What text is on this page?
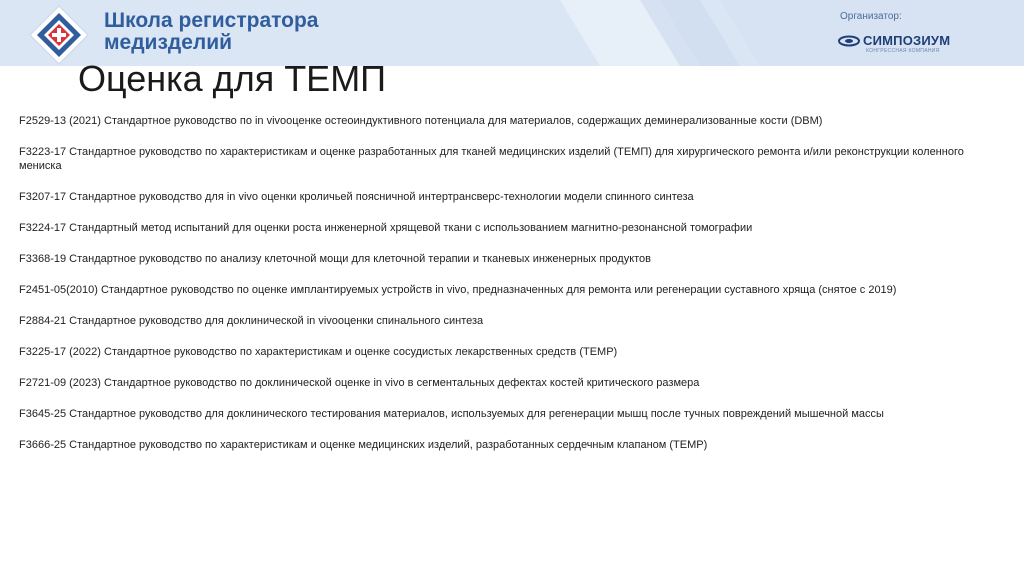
Школа регистратора
медизделий
Организатор:
СИМПОЗИУМ
КОНГРЕССНАЯ КОМПАНИЯ
Оценка для ТЕМП
F2529-13 (2021) Стандартное руководство по in vivoоценке остеоиндуктивного потенциала для материалов, содержащих деминерализованные кости (DBM)
F3223-17 Стандартное руководство по характеристикам и оценке разработанных для тканей медицинских изделий (ТЕМП) для хирургического ремонта и/или реконструкции коленного мениска
F3207-17 Стандартное руководство для in vivo оценки кроличьей поясничной интертрансверс-технологии модели спинного синтеза
F3224-17 Стандартный метод испытаний для оценки роста инженерной хрящевой ткани с использованием магнитно-резонансной томографии
F3368-19 Стандартное руководство по анализу клеточной мощи для клеточной терапии и тканевых инженерных продуктов
F2451-05(2010) Стандартное руководство по оценке имплантируемых устройств in vivo, предназначенных для ремонта или регенерации суставного хряща (снятое с 2019)
F2884-21 Стандартное руководство для доклинической in vivoоценки спинального синтеза
F3225-17 (2022) Стандартное руководство по характеристикам и оценке сосудистых лекарственных средств (TEMP)
F2721-09 (2023) Стандартное руководство по доклинической оценке in vivo в сегментальных дефектах костей критического размера
F3645-25 Стандартное руководство для доклинического тестирования материалов, используемых для регенерации мышц после тучных повреждений мышечной массы
F3666-25 Стандартное руководство по характеристикам и оценке медицинских изделий, разработанных сердечным клапаном (TEMP)
